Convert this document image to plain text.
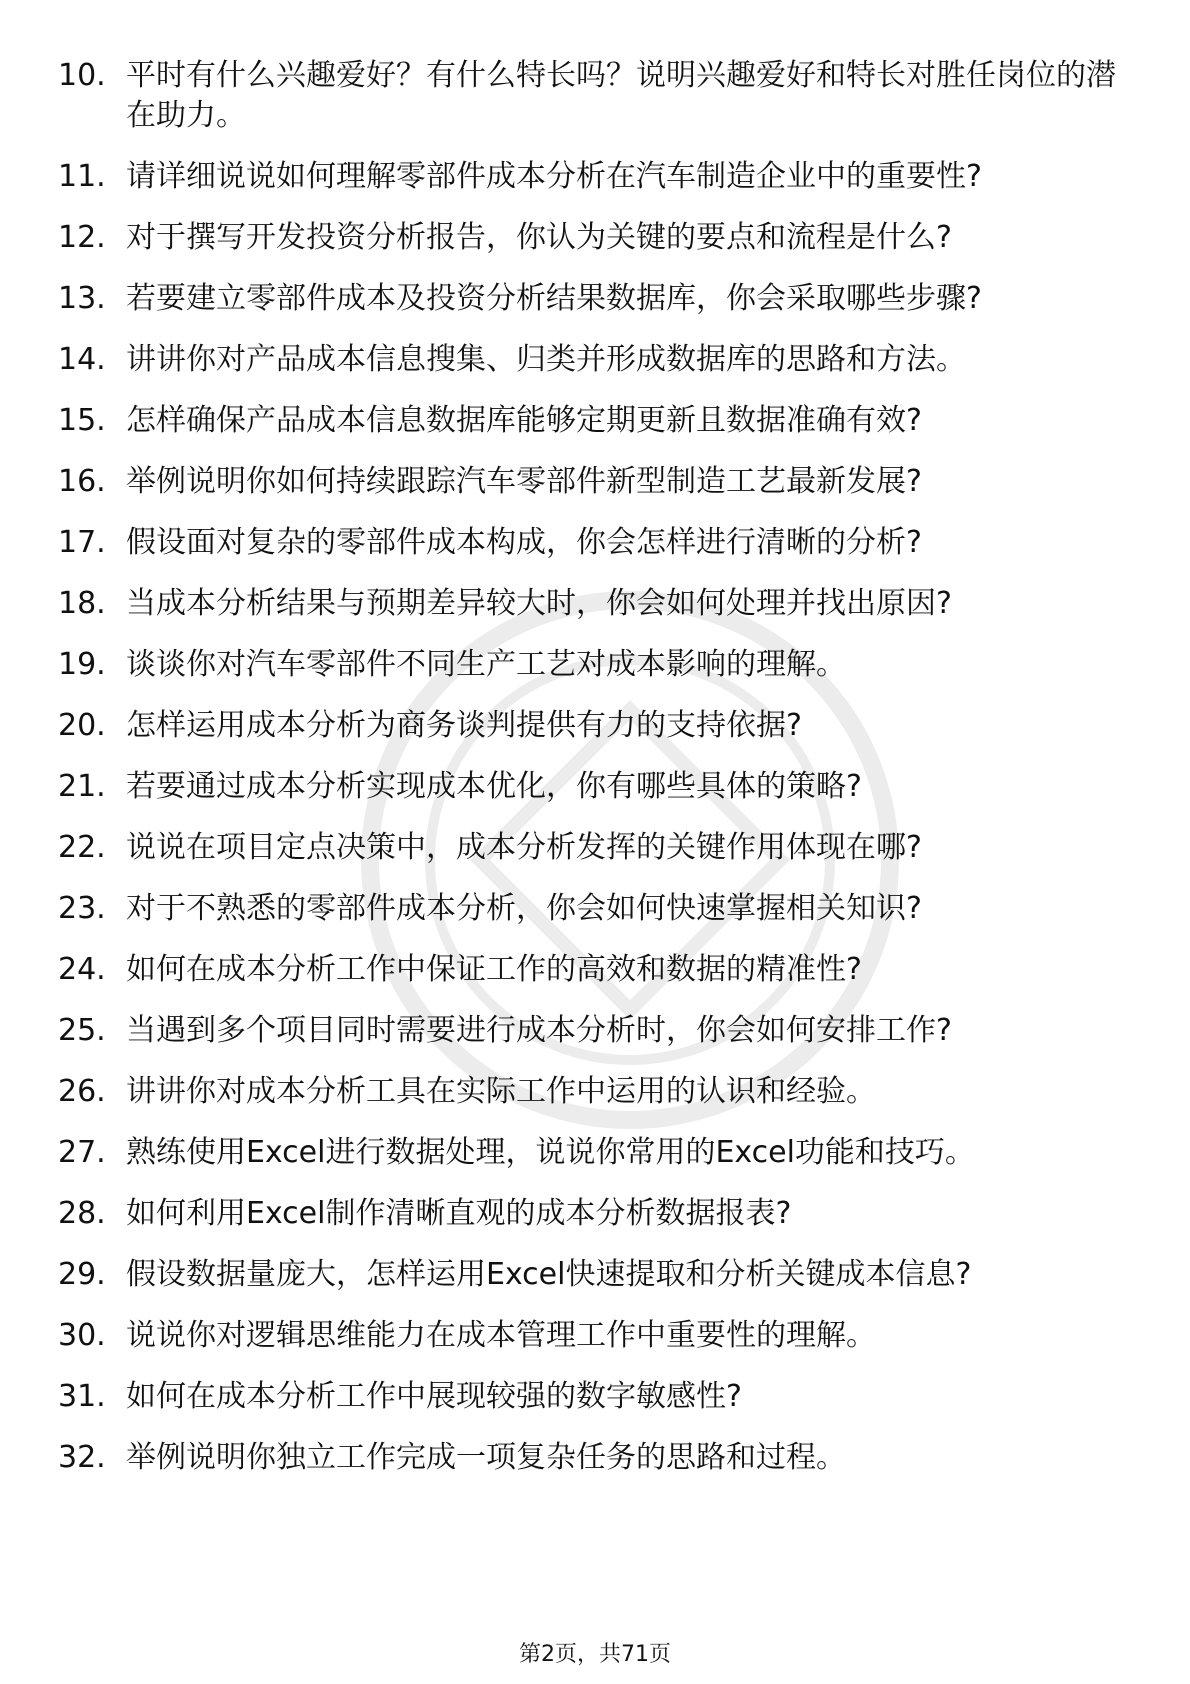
10. 平时有什么兴趣爱好？有什么特长吗？说明兴趣爱好和特长对胜任岗位的潜在助力。
11. 请详细说说如何理解零部件成本分析在汽车制造企业中的重要性?
12. 对于撰写开发投资分析报告，你认为关键的要点和流程是什么?
13. 若要建立零部件成本及投资分析结果数据库，你会采取哪些步骤?
14. 讲讲你对产品成本信息搜集、归类并形成数据库的思路和方法。
15. 怎样确保产品成本信息数据库能够定期更新且数据准确有效?
16. 举例说明你如何持续跟踪汽车零部件新型制造工艺最新发展?
17. 假设面对复杂的零部件成本构成，你会怎样进行清晰的分析?
18. 当成本分析结果与预期差异较大时，你会如何处理并找出原因?
19. 谈谈你对汽车零部件不同生产工艺对成本影响的理解。
20. 怎样运用成本分析为商务谈判提供有力的支持依据?
21. 若要通过成本分析实现成本优化，你有哪些具体的策略?
22. 说说在项目定点决策中，成本分析发挥的关键作用体现在哪?
23. 对于不熟悉的零部件成本分析，你会如何快速掌握相关知识?
24. 如何在成本分析工作中保证工作的高效和数据的精准性?
25. 当遇到多个项目同时需要进行成本分析时，你会如何安排工作?
26. 讲讲你对成本分析工具在实际工作中运用的认识和经验。
27. 熟练使用Excel进行数据处理，说说你常用的Excel功能和技巧。
28. 如何利用Excel制作清晰直观的成本分析数据报表?
29. 假设数据量庞大，怎样运用Excel快速提取和分析关键成本信息?
30. 说说你对逻辑思维能力在成本管理工作中重要性的理解。
31. 如何在成本分析工作中展现较强的数字敏感性?
32. 举例说明你独立工作完成一项复杂任务的思路和过程。
第2页，共71页
